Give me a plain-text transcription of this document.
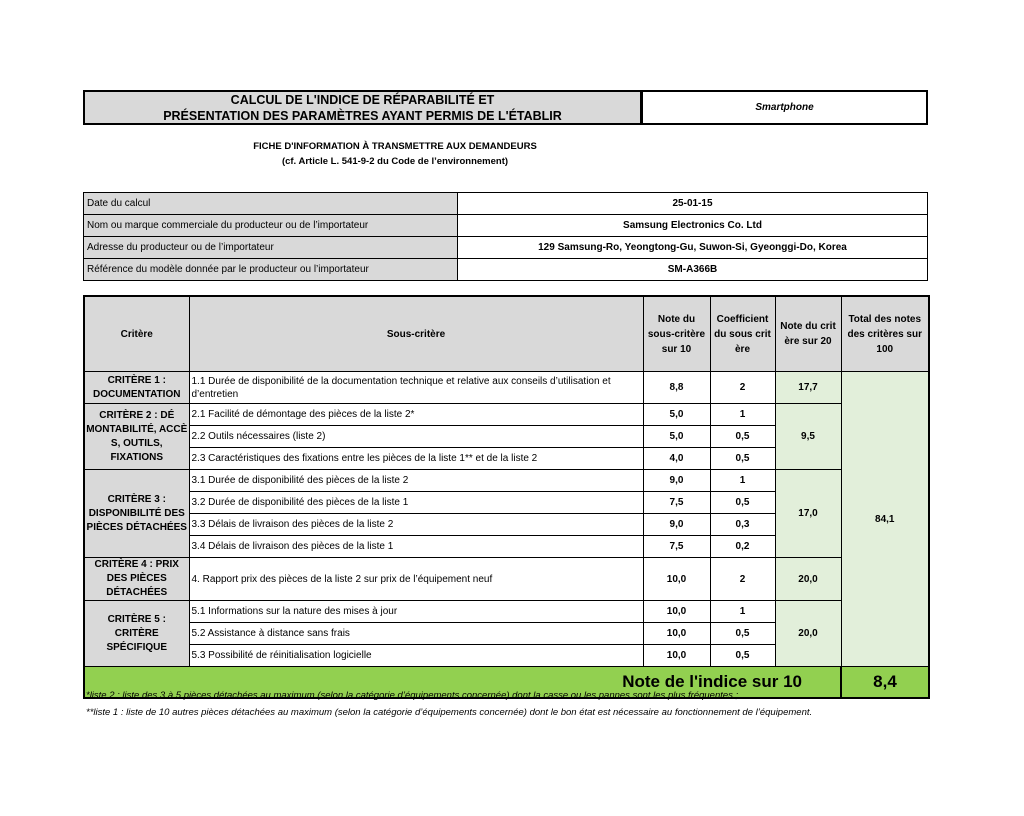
CALCUL DE L'INDICE DE RÉPARABILITÉ ET
PRÉSENTATION DES PARAMÈTRES AYANT PERMIS DE L'ÉTABLIR
Smartphone
FICHE D'INFORMATION À TRANSMETTRE AUX DEMANDEURS
(cf. Article L. 541-9-2 du Code de l’environnement)
Date du calcul	25-01-15
Nom ou marque commerciale du producteur ou de l’importateur	Samsung Electronics Co. Ltd
Adresse du producteur ou de l’importateur	129 Samsung-Ro, Yeongtong-Gu, Suwon-Si, Gyeonggi-Do, Korea
Référence du modèle donnée par le producteur ou l’importateur	SM-A366B
Critère	Sous-critère	Note du sous-critère sur 10	Coefficient du sous crit ère	Note du crit ère sur 20	Total des notes des critères sur 100
CRITÈRE 1 : DOCUMENTATION	1.1 Durée de disponibilité de la documentation technique et relative aux conseils d’utilisation et d’entretien	8,8	2	17,7	84,1
CRITÈRE 2 : DÉ MONTABILITÉ, ACCÈ S, OUTILS, FIXATIONS	2.1 Facilité de démontage des pièces de la liste 2*	5,0	1	9,5	
	2.2 Outils nécessaires (liste 2)	5,0	0,5		
	2.3 Caractéristiques des fixations entre les pièces de la liste 1** et de la liste 2	4,0	0,5		
CRITÈRE 3 : DISPONIBILITÉ DES PIÈCES DÉTACHÉES	3.1 Durée de disponibilité des pièces de la liste 2	9,0	1	17,0	
	3.2 Durée de disponibilité des pièces de la liste 1	7,5	0,5		
	3.3 Délais de livraison des pièces de la liste 2	9,0	0,3		
	3.4 Délais de livraison des pièces de la liste 1	7,5	0,2		
CRITÈRE 4 : PRIX DES PIÈCES DÉTACHÉES	4. Rapport prix des pièces de la liste 2 sur prix de l’équipement neuf	10,0	2	20,0	
CRITÈRE 5 : CRITÈRE SPÉCIFIQUE	5.1 Informations sur la nature des mises à jour	10,0	1	20,0	
	5.2 Assistance à distance sans frais	10,0	0,5		
	5.3 Possibilité de réinitialisation logicielle	10,0	0,5		
Note de l'indice sur 10					8,4
*liste 2 : liste des 3 à 5 pièces détachées au maximum (selon la catégorie d’équipements concernée) dont la casse ou les pannes sont les plus fréquentes ;
**liste 1 : liste de 10 autres pièces détachées au maximum (selon la catégorie d’équipements concernée) dont le bon état est nécessaire au fonctionnement de l’équipement.
